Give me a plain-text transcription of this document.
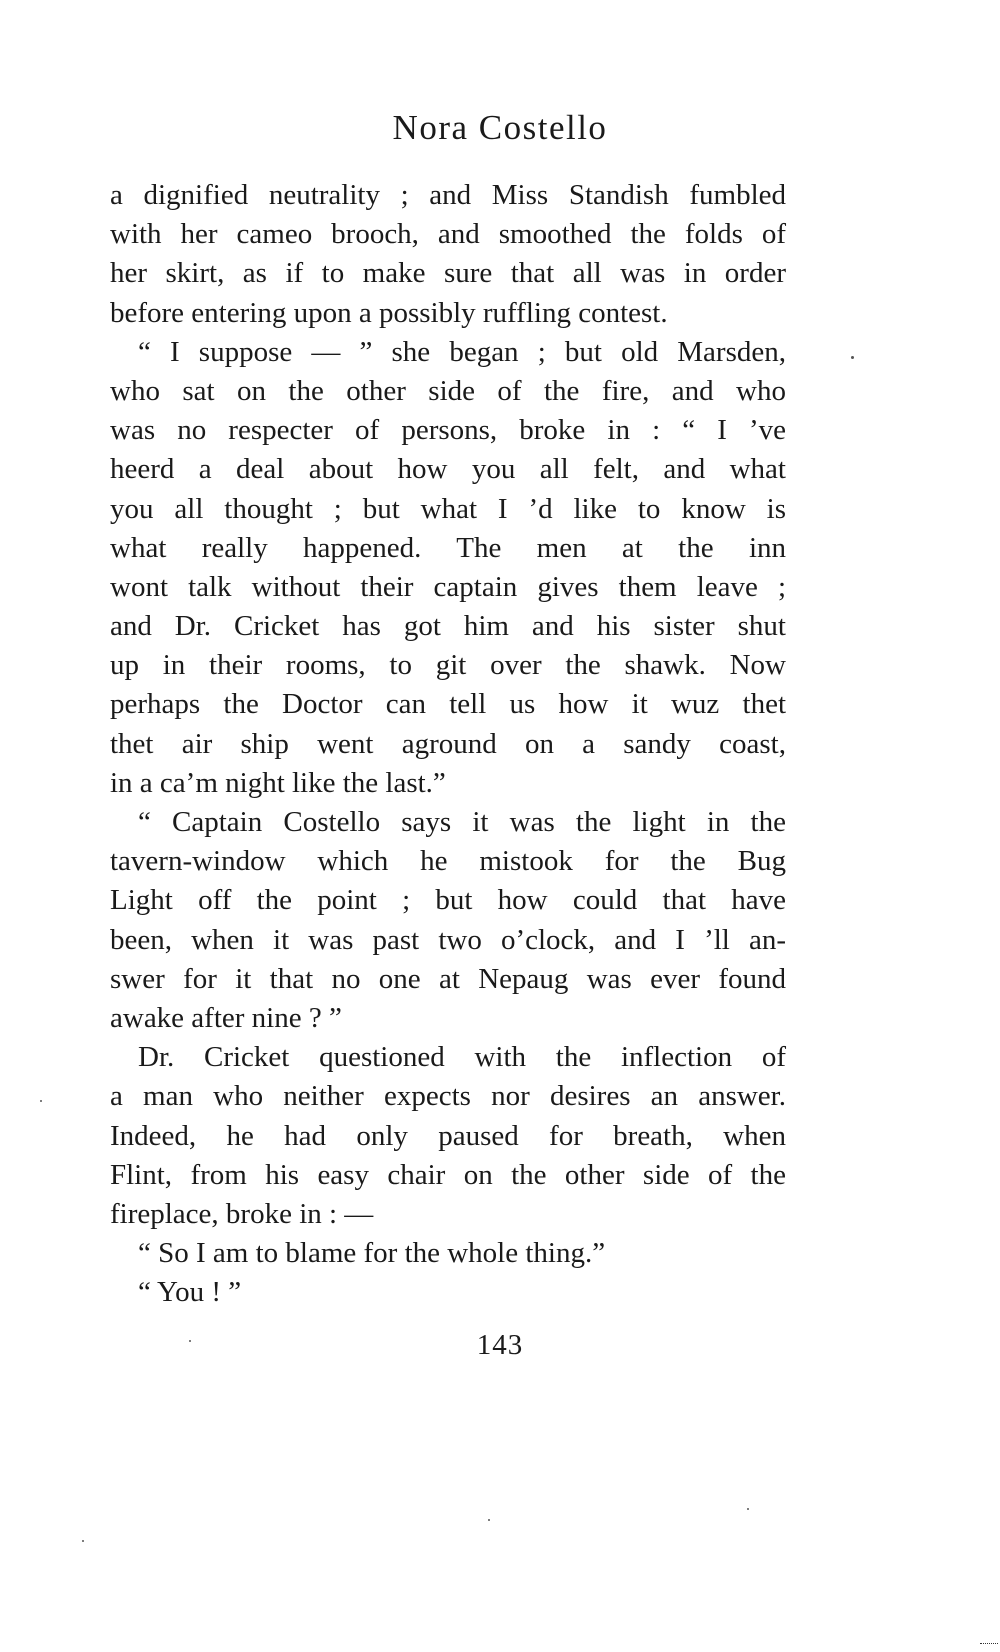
Nora Costello
a dignified neutrality ; and Miss Standish fumbled
with her cameo brooch, and smoothed the folds of
her skirt, as if to make sure that all was in order
before entering upon a possibly ruffling contest.
“ I suppose — ” she began ; but old Marsden,
who sat on the other side of the fire, and who
was no respecter of persons, broke in : “ I ’ve
heerd a deal about how you all felt, and what
you all thought ; but what I ’d like to know is
what really happened. The men at the inn
wont talk without their captain gives them leave ;
and Dr. Cricket has got him and his sister shut
up in their rooms, to git over the shawk. Now
perhaps the Doctor can tell us how it wuz thet
thet air ship went aground on a sandy coast,
in a ca’m night like the last.”
“ Captain Costello says it was the light in the
tavern-window which he mistook for the Bug
Light off the point ; but how could that have
been, when it was past two o’clock, and I ’ll an-
swer for it that no one at Nepaug was ever found
awake after nine ? ”
Dr. Cricket questioned with the inflection of
a man who neither expects nor desires an answer.
Indeed, he had only paused for breath, when
Flint, from his easy chair on the other side of the
fireplace, broke in : —
“ So I am to blame for the whole thing.”
“ You ! ”
143
